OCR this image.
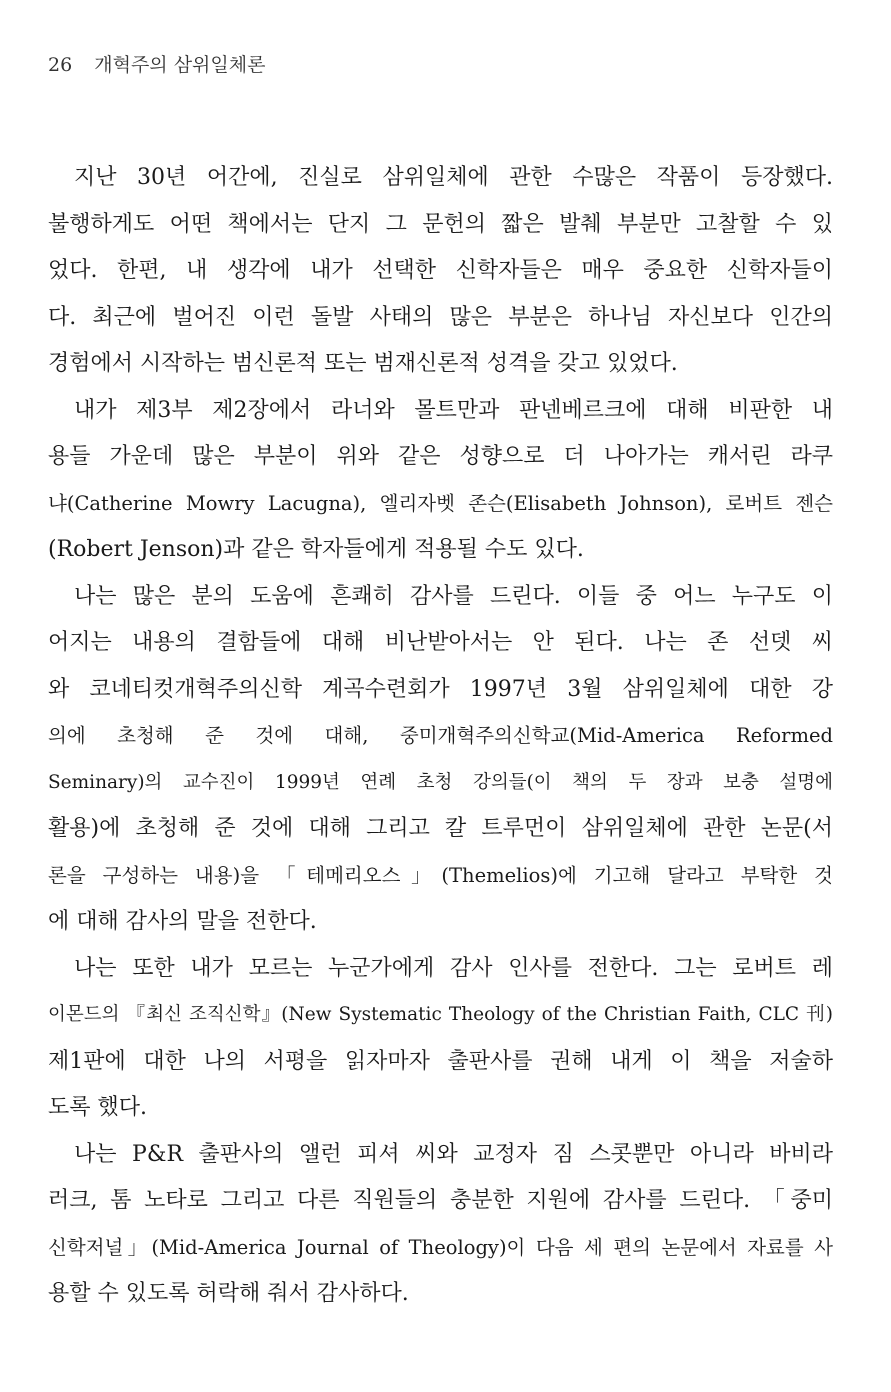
26 개혁주의 삼위일체론
지난 30년 어간에, 진실로 삼위일체에 관한 수많은 작품이 등장했다.
불행하게도 어떤 책에서는 단지 그 문헌의 짧은 발췌 부분만 고찰할 수 있
었다. 한편, 내 생각에 내가 선택한 신학자들은 매우 중요한 신학자들이
다. 최근에 벌어진 이런 돌발 사태의 많은 부분은 하나님 자신보다 인간의
경험에서 시작하는 범신론적 또는 범재신론적 성격을 갖고 있었다.
내가 제3부 제2장에서 라너와 몰트만과 판넨베르크에 대해 비판한 내
용들 가운데 많은 부분이 위와 같은 성향으로 더 나아가는 캐서린 라쿠
냐(Catherine Mowry Lacugna), 엘리자벳 존슨(Elisabeth Johnson), 로버트 젠슨
(Robert Jenson)과 같은 학자들에게 적용될 수도 있다.
나는 많은 분의 도움에 흔쾌히 감사를 드린다. 이들 중 어느 누구도 이
어지는 내용의 결함들에 대해 비난받아서는 안 된다. 나는 존 선뎃 씨
와 코네티컷개혁주의신학 계곡수련회가 1997년 3월 삼위일체에 대한 강
의에 초청해 준 것에 대해, 중미개혁주의신학교(Mid-America Reformed
Seminary)의 교수진이 1999년 연례 초청 강의들(이 책의 두 장과 보충 설명에
활용)에 초청해 준 것에 대해 그리고 칼 트루먼이 삼위일체에 관한 논문(서
론을 구성하는 내용)을 「테메리오스」(Themelios)에 기고해 달라고 부탁한 것
에 대해 감사의 말을 전한다.
나는 또한 내가 모르는 누군가에게 감사 인사를 전한다. 그는 로버트 레
이몬드의 『최신 조직신학』(New Systematic Theology of the Christian Faith, CLC 刊)
제1판에 대한 나의 서평을 읽자마자 출판사를 권해 내게 이 책을 저술하
도록 했다.
나는 P&R 출판사의 앨런 피셔 씨와 교정자 짐 스콧뿐만 아니라 바비라
러크, 톰 노타로 그리고 다른 직원들의 충분한 지원에 감사를 드린다. 「중미
신학저널」(Mid-America Journal of Theology)이 다음 세 편의 논문에서 자료를 사
용할 수 있도록 허락해 줘서 감사하다.
